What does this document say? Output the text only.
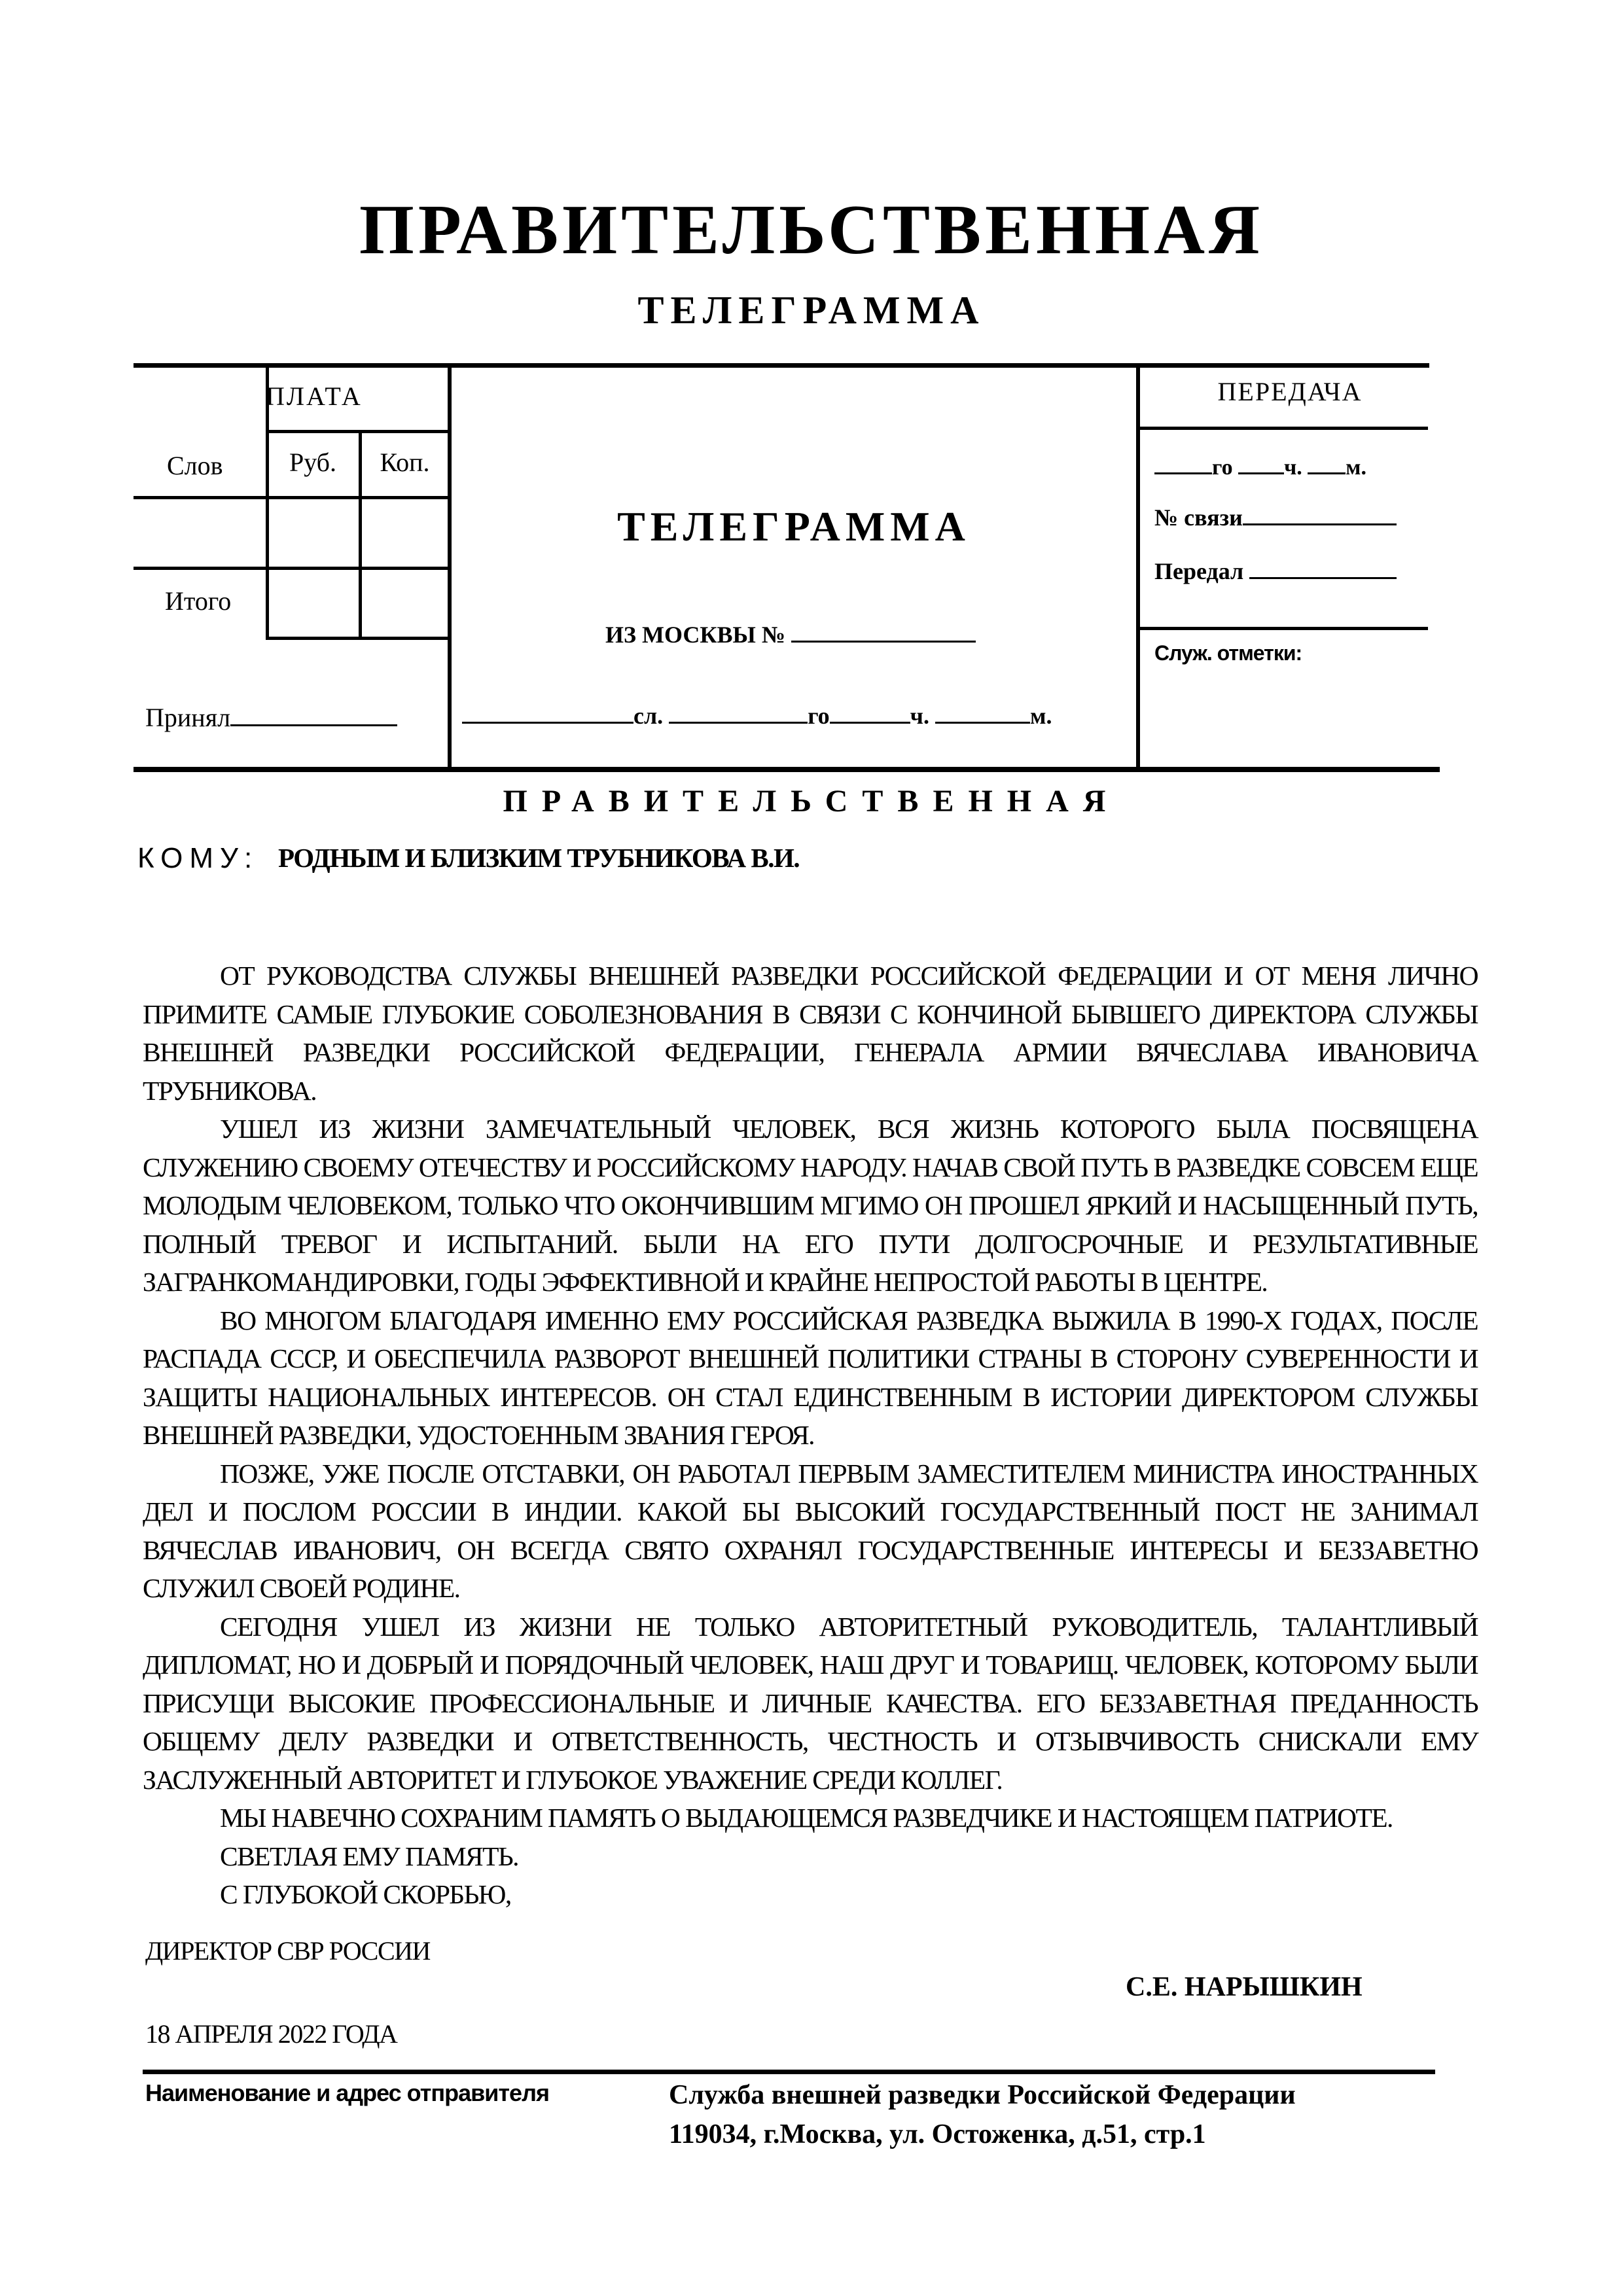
ПРАВИТЕЛЬСТВЕННАЯ
ТЕЛЕГРАММА
ПЛАТА
Слов	Руб.	Коп.
Итого
Принял
ТЕЛЕГРАММА
ИЗ МОСКВЫ №
сл.	го	ч.	м.
ПЕРЕДАЧА
го ч. м.
№ связи
Передал
Служ. отметки:
ПРАВИТЕЛЬСТВЕННАЯ
КОМУ: РОДНЫМ И БЛИЗКИМ ТРУБНИКОВА В.И.

ОТ РУКОВОДСТВА СЛУЖБЫ ВНЕШНЕЙ РАЗВЕДКИ РОССИЙСКОЙ ФЕДЕРАЦИИ И ОТ МЕНЯ ЛИЧНО ПРИМИТЕ САМЫЕ ГЛУБОКИЕ СОБОЛЕЗНОВАНИЯ В СВЯЗИ С КОНЧИНОЙ БЫВШЕГО ДИРЕКТОРА СЛУЖБЫ ВНЕШНЕЙ РАЗВЕДКИ РОССИЙСКОЙ ФЕДЕРАЦИИ, ГЕНЕРАЛА АРМИИ ВЯЧЕСЛАВА ИВАНОВИЧА ТРУБНИКОВА.

УШЕЛ ИЗ ЖИЗНИ ЗАМЕЧАТЕЛЬНЫЙ ЧЕЛОВЕК, ВСЯ ЖИЗНЬ КОТОРОГО БЫЛА ПОСВЯЩЕНА СЛУЖЕНИЮ СВОЕМУ ОТЕЧЕСТВУ И РОССИЙСКОМУ НАРОДУ. НАЧАВ СВОЙ ПУТЬ В РАЗВЕДКЕ СОВСЕМ ЕЩЕ МОЛОДЫМ ЧЕЛОВЕКОМ, ТОЛЬКО ЧТО ОКОНЧИВШИМ МГИМО ОН ПРОШЕЛ ЯРКИЙ И НАСЫЩЕННЫЙ ПУТЬ, ПОЛНЫЙ ТРЕВОГ И ИСПЫТАНИЙ. БЫЛИ НА ЕГО ПУТИ ДОЛГОСРОЧНЫЕ И РЕЗУЛЬТАТИВНЫЕ ЗАГРАНКОМАНДИРОВКИ, ГОДЫ ЭФФЕКТИВНОЙ И КРАЙНЕ НЕПРОСТОЙ РАБОТЫ В ЦЕНТРЕ.

ВО МНОГОМ БЛАГОДАРЯ ИМЕННО ЕМУ РОССИЙСКАЯ РАЗВЕДКА ВЫЖИЛА В 1990-Х ГОДАХ, ПОСЛЕ РАСПАДА СССР, И ОБЕСПЕЧИЛА РАЗВОРОТ ВНЕШНЕЙ ПОЛИТИКИ СТРАНЫ В СТОРОНУ СУВЕРЕННОСТИ И ЗАЩИТЫ НАЦИОНАЛЬНЫХ ИНТЕРЕСОВ. ОН СТАЛ ЕДИНСТВЕННЫМ В ИСТОРИИ ДИРЕКТОРОМ СЛУЖБЫ ВНЕШНЕЙ РАЗВЕДКИ, УДОСТОЕННЫМ ЗВАНИЯ ГЕРОЯ.

ПОЗЖЕ, УЖЕ ПОСЛЕ ОТСТАВКИ, ОН РАБОТАЛ ПЕРВЫМ ЗАМЕСТИТЕЛЕМ МИНИСТРА ИНОСТРАННЫХ ДЕЛ И ПОСЛОМ РОССИИ В ИНДИИ. КАКОЙ БЫ ВЫСОКИЙ ГОСУДАРСТВЕННЫЙ ПОСТ НЕ ЗАНИМАЛ ВЯЧЕСЛАВ ИВАНОВИЧ, ОН ВСЕГДА СВЯТО ОХРАНЯЛ ГОСУДАРСТВЕННЫЕ ИНТЕРЕСЫ И БЕЗЗАВЕТНО СЛУЖИЛ СВОЕЙ РОДИНЕ.

СЕГОДНЯ УШЕЛ ИЗ ЖИЗНИ НЕ ТОЛЬКО АВТОРИТЕТНЫЙ РУКОВОДИТЕЛЬ, ТАЛАНТЛИВЫЙ ДИПЛОМАТ, НО И ДОБРЫЙ И ПОРЯДОЧНЫЙ ЧЕЛОВЕК, НАШ ДРУГ И ТОВАРИЩ. ЧЕЛОВЕК, КОТОРОМУ БЫЛИ ПРИСУЩИ ВЫСОКИЕ ПРОФЕССИОНАЛЬНЫЕ И ЛИЧНЫЕ КАЧЕСТВА. ЕГО БЕЗЗАВЕТНАЯ ПРЕДАННОСТЬ ОБЩЕМУ ДЕЛУ РАЗВЕДКИ И ОТВЕТСТВЕННОСТЬ, ЧЕСТНОСТЬ И ОТЗЫВЧИВОСТЬ СНИСКАЛИ ЕМУ ЗАСЛУЖЕННЫЙ АВТОРИТЕТ И ГЛУБОКОЕ УВАЖЕНИЕ СРЕДИ КОЛЛЕГ.

МЫ НАВЕЧНО СОХРАНИМ ПАМЯТЬ О ВЫДАЮЩЕМСЯ РАЗВЕДЧИКЕ И НАСТОЯЩЕМ ПАТРИОТЕ.

СВЕТЛАЯ ЕМУ ПАМЯТЬ.

С ГЛУБОКОЙ СКОРБЬЮ,

ДИРЕКТОР СВР РОССИИ
С.Е. НАРЫШКИН
18 АПРЕЛЯ 2022 ГОДА
Наименование и адрес отправителя	Служба внешней разведки Российской Федерации
119034, г.Москва, ул. Остоженка, д.51, стр.1
